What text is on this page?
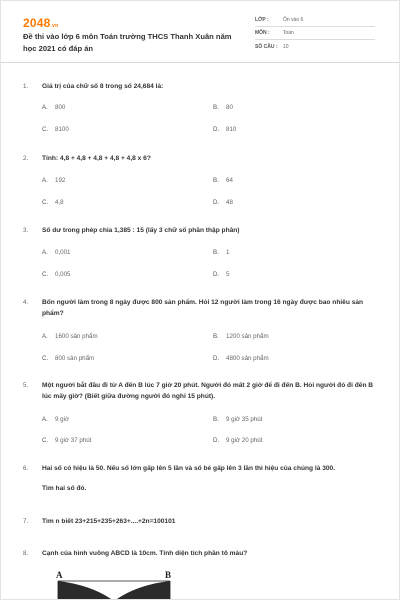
2048.vn
Đề thi vào lớp 6 môn Toán trường THCS Thanh Xuân năm học 2021 có đáp án
LỚP :	Ôn vào 6
MÔN :	Toán
SỐ CÂU :	10
1. Giá trị của chữ số 8 trong số 24,684 là:
A. 800	B. 80
C. 8100	D. 810
2. Tính: 4,8 + 4,8 + 4,8 + 4,8 + 4,8 x 6?
A. 192	B. 64
C. 4,8	D. 48
3. Số dư trong phép chia 1,385 : 15 (lấy 3 chữ số phần thập phân)
A. 0,001	B. 1
C. 0,005	D. 5
4. Bốn người làm trong 8 ngày được 800 sản phẩm. Hỏi 12 người làm trong 16 ngày được bao nhiêu sản phẩm?
A. 1600 sản phẩm	B. 1200 sản phẩm
C. 800 sản phẩm	D. 4800 sản phẩm
5. Một người bắt đầu đi từ A đến B lúc 7 giờ 20 phút. Người đó mất 2 giờ để đi đến B. Hỏi người đó đi đến B lúc mấy giờ? (Biết giữa đường người đó nghỉ 15 phút).
A. 9 giờ	B. 9 giờ 35 phút
C. 9 giờ 37 phút	D. 9 giờ 20 phút
6. Hai số có hiệu là 50. Nếu số lớn gấp lên 5 lần và số bé gấp lên 3 lần thì hiệu của chúng là 300.
Tìm hai số đó.
7. Tìm n biết 23+215+235+263+....+2n=100101
8. Cạnh của hình vuông ABCD là 10cm. Tính diện tích phần tô màu?
A	B
